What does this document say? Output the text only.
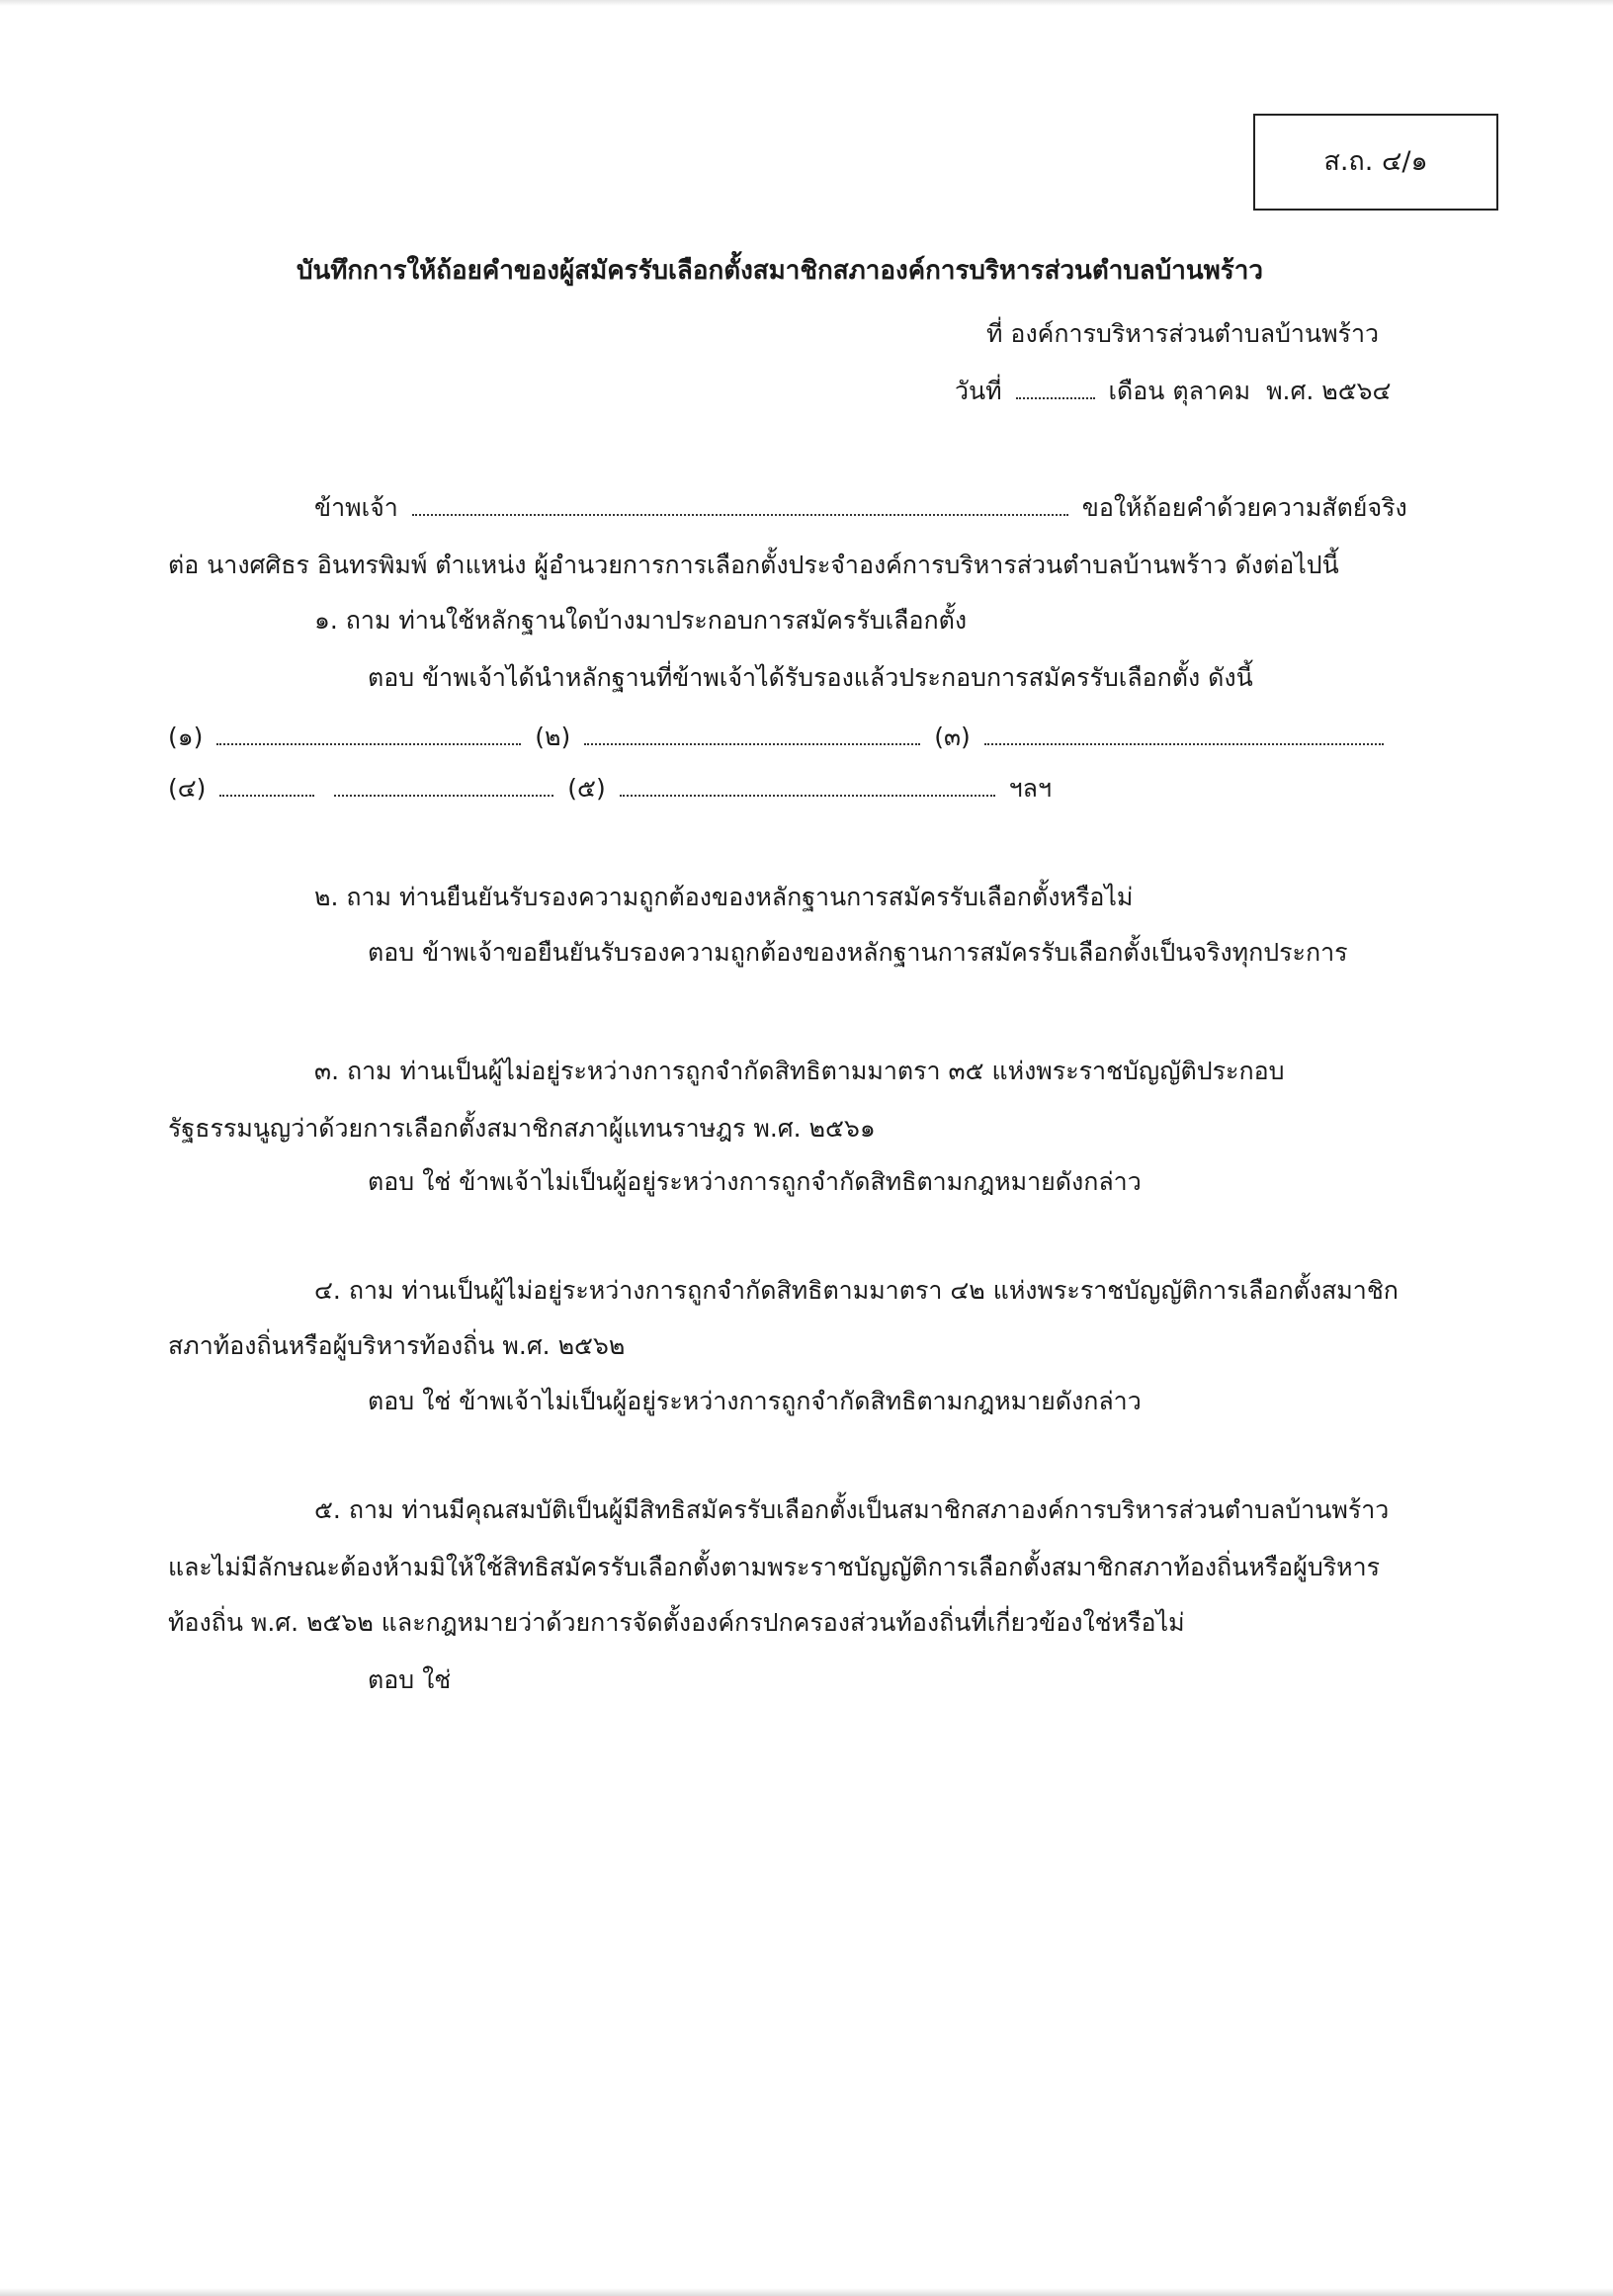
ส.ถ. ๔/๑
บันทึกการให้ถ้อยคำของผู้สมัครรับเลือกตั้งสมาชิกสภาองค์การบริหารส่วนตำบลบ้านพร้าว
ที่ องค์การบริหารส่วนตำบลบ้านพร้าว
วันที่	เดือน ตุลาคม พ.ศ. ๒๕๖๔
ข้าพเจ้า	ขอให้ถ้อยคำด้วยความสัตย์จริง
ต่อ นางศศิธร อินทรพิมพ์ ตำแหน่ง ผู้อำนวยการการเลือกตั้งประจำองค์การบริหารส่วนตำบลบ้านพร้าว ดังต่อไปนี้
๑. ถาม ท่านใช้หลักฐานใดบ้างมาประกอบการสมัครรับเลือกตั้ง
ตอบ ข้าพเจ้าได้นำหลักฐานที่ข้าพเจ้าได้รับรองแล้วประกอบการสมัครรับเลือกตั้ง ดังนี้
(๑)	(๒)	(๓)
(๔)	(๕)	ฯลฯ
๒. ถาม ท่านยืนยันรับรองความถูกต้องของหลักฐานการสมัครรับเลือกตั้งหรือไม่
ตอบ ข้าพเจ้าขอยืนยันรับรองความถูกต้องของหลักฐานการสมัครรับเลือกตั้งเป็นจริงทุกประการ
๓. ถาม ท่านเป็นผู้ไม่อยู่ระหว่างการถูกจำกัดสิทธิตามมาตรา ๓๕ แห่งพระราชบัญญัติประกอบ
รัฐธรรมนูญว่าด้วยการเลือกตั้งสมาชิกสภาผู้แทนราษฎร พ.ศ. ๒๕๖๑
ตอบ ใช่ ข้าพเจ้าไม่เป็นผู้อยู่ระหว่างการถูกจำกัดสิทธิตามกฎหมายดังกล่าว
๔. ถาม ท่านเป็นผู้ไม่อยู่ระหว่างการถูกจำกัดสิทธิตามมาตรา ๔๒ แห่งพระราชบัญญัติการเลือกตั้งสมาชิก
สภาท้องถิ่นหรือผู้บริหารท้องถิ่น พ.ศ. ๒๕๖๒
ตอบ ใช่ ข้าพเจ้าไม่เป็นผู้อยู่ระหว่างการถูกจำกัดสิทธิตามกฎหมายดังกล่าว
๕. ถาม ท่านมีคุณสมบัติเป็นผู้มีสิทธิสมัครรับเลือกตั้งเป็นสมาชิกสภาองค์การบริหารส่วนตำบลบ้านพร้าว
และไม่มีลักษณะต้องห้ามมิให้ใช้สิทธิสมัครรับเลือกตั้งตามพระราชบัญญัติการเลือกตั้งสมาชิกสภาท้องถิ่นหรือผู้บริหาร
ท้องถิ่น พ.ศ. ๒๕๖๒ และกฎหมายว่าด้วยการจัดตั้งองค์กรปกครองส่วนท้องถิ่นที่เกี่ยวข้องใช่หรือไม่
ตอบ ใช่
